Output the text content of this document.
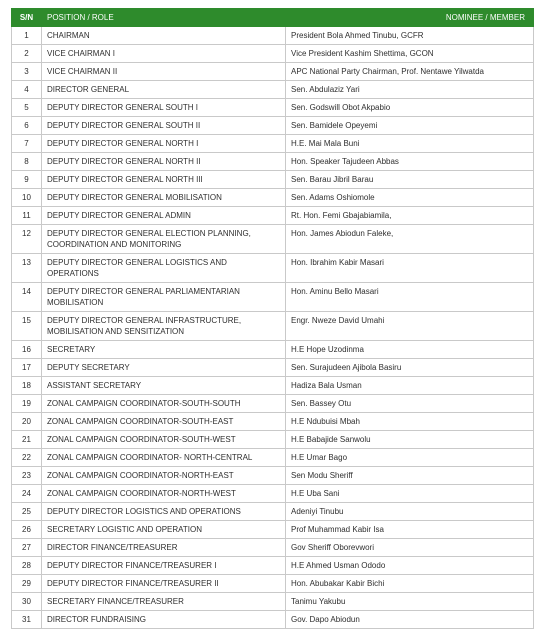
S/N	POSITION / ROLE	NOMINEE / MEMBER
1	CHAIRMAN	President Bola Ahmed Tinubu, GCFR
2	VICE CHAIRMAN I	Vice President Kashim Shettima, GCON
3	VICE CHAIRMAN II	APC National Party Chairman, Prof. Nentawe Yilwatda
4	DIRECTOR GENERAL	Sen. Abdulaziz Yari
5	DEPUTY DIRECTOR GENERAL SOUTH I	Sen. Godswill Obot Akpabio
6	DEPUTY DIRECTOR GENERAL SOUTH II	Sen. Bamidele Opeyemi
7	DEPUTY DIRECTOR GENERAL NORTH I	H.E. Mai Mala Buni
8	DEPUTY DIRECTOR GENERAL NORTH II	Hon. Speaker Tajudeen Abbas
9	DEPUTY DIRECTOR GENERAL NORTH III	Sen. Barau Jibril Barau
10	DEPUTY DIRECTOR GENERAL MOBILISATION	Sen. Adams Oshiomole
11	DEPUTY DIRECTOR GENERAL ADMIN	Rt. Hon. Femi Gbajabiamila,
12	DEPUTY DIRECTOR GENERAL ELECTION PLANNING, COORDINATION AND MONITORING	Hon. James Abiodun Faleke,
13	DEPUTY DIRECTOR GENERAL LOGISTICS AND OPERATIONS	Hon. Ibrahim Kabir Masari
14	DEPUTY DIRECTOR GENERAL PARLIAMENTARIAN MOBILISATION	Hon. Aminu Bello Masari
15	DEPUTY DIRECTOR GENERAL INFRASTRUCTURE, MOBILISATION AND SENSITIZATION	Engr. Nweze David Umahi
16	SECRETARY	H.E Hope Uzodinma
17	DEPUTY SECRETARY	Sen. Surajudeen Ajibola Basiru
18	ASSISTANT SECRETARY	Hadiza Bala Usman
19	ZONAL CAMPAIGN COORDINATOR-SOUTH-SOUTH	Sen. Bassey Otu
20	ZONAL CAMPAIGN COORDINATOR-SOUTH-EAST	H.E Ndubuisi Mbah
21	ZONAL CAMPAIGN COORDINATOR-SOUTH-WEST	H.E Babajide Sanwolu
22	ZONAL CAMPAIGN COORDINATOR- NORTH-CENTRAL	H.E Umar Bago
23	ZONAL CAMPAIGN COORDINATOR-NORTH-EAST	Sen Modu Sheriff
24	ZONAL CAMPAIGN COORDINATOR-NORTH-WEST	H.E Uba Sani
25	DEPUTY DIRECTOR LOGISTICS AND OPERATIONS	Adeniyi Tinubu
26	SECRETARY LOGISTIC AND OPERATION	Prof Muhammad Kabir Isa
27	DIRECTOR FINANCE/TREASURER	Gov Sheriff Oborevwori
28	DEPUTY DIRECTOR FINANCE/TREASURER I	H.E Ahmed Usman Ododo
29	DEPUTY DIRECTOR FINANCE/TREASURER II	Hon. Abubakar Kabir Bichi
30	SECRETARY FINANCE/TREASURER	Tanimu Yakubu
31	DIRECTOR FUNDRAISING	Gov. Dapo Abiodun
